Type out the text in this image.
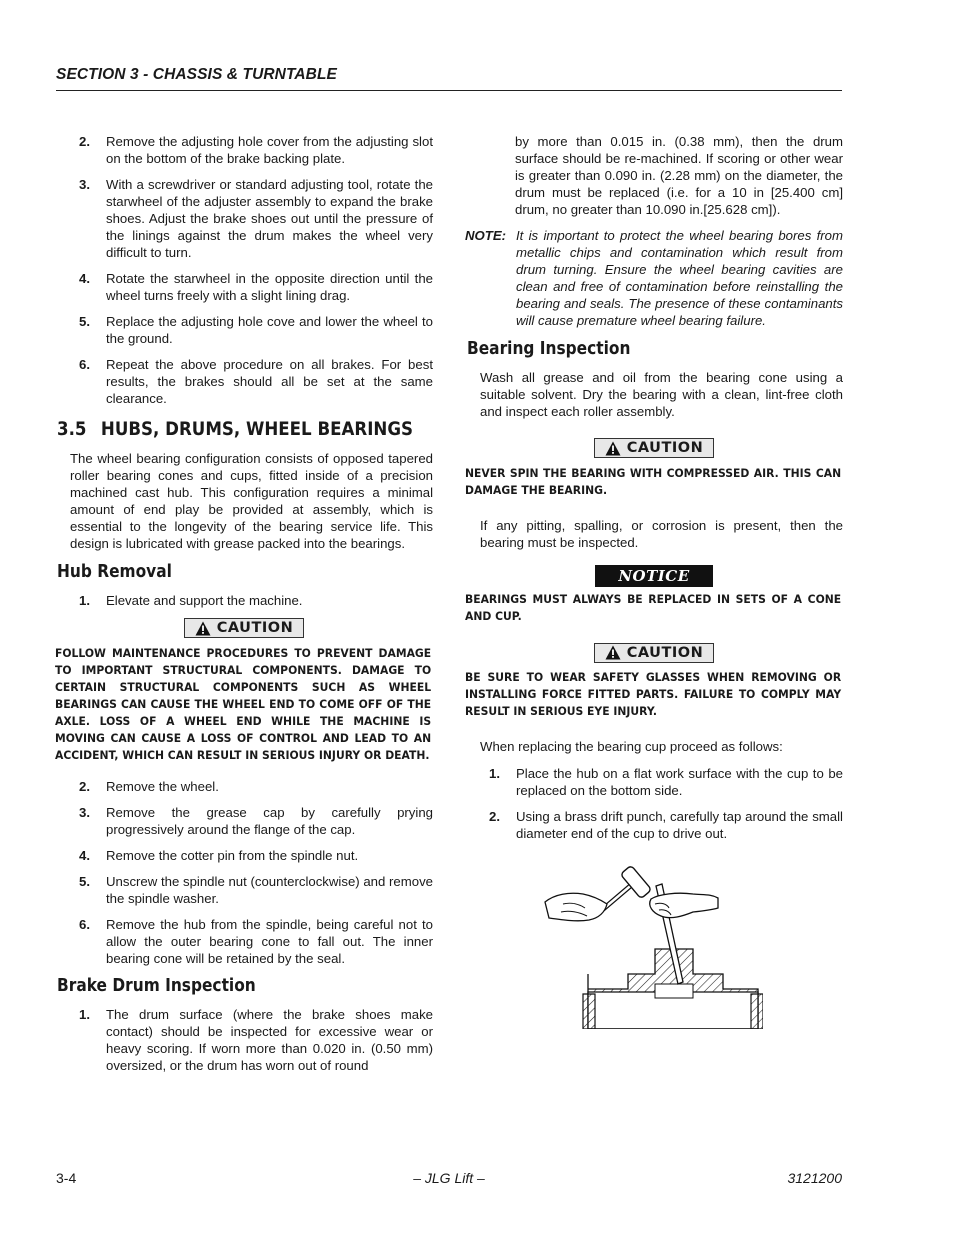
SECTION 3 - CHASSIS & TURNTABLE
2. Remove the adjusting hole cover from the adjusting slot on the bottom of the brake backing plate.
3. With a screwdriver or standard adjusting tool, rotate the starwheel of the adjuster assembly to expand the brake shoes. Adjust the brake shoes out until the pressure of the linings against the drum makes the wheel very difficult to turn.
4. Rotate the starwheel in the opposite direction until the wheel turns freely with a slight lining drag.
5. Replace the adjusting hole cove and lower the wheel to the ground.
6. Repeat the above procedure on all brakes. For best results, the brakes should all be set at the same clearance.
3.5 HUBS, DRUMS, WHEEL BEARINGS
The wheel bearing configuration consists of opposed tapered roller bearing cones and cups, fitted inside of a precision machined cast hub. This configuration requires a minimal amount of end play be provided at assembly, which is essential to the longevity of the bearing service life. This design is lubricated with grease packed into the bearings.
Hub Removal
1. Elevate and support the machine.
CAUTION
FOLLOW MAINTENANCE PROCEDURES TO PREVENT DAMAGE TO IMPORTANT STRUCTURAL COMPONENTS. DAMAGE TO CERTAIN STRUCTURAL COMPONENTS SUCH AS WHEEL BEARINGS CAN CAUSE THE WHEEL END TO COME OFF OF THE AXLE. LOSS OF A WHEEL END WHILE THE MACHINE IS MOVING CAN CAUSE A LOSS OF CONTROL AND LEAD TO AN ACCIDENT, WHICH CAN RESULT IN SERIOUS INJURY OR DEATH.
2. Remove the wheel.
3. Remove the grease cap by carefully prying progressively around the flange of the cap.
4. Remove the cotter pin from the spindle nut.
5. Unscrew the spindle nut (counterclockwise) and remove the spindle washer.
6. Remove the hub from the spindle, being careful not to allow the outer bearing cone to fall out. The inner bearing cone will be retained by the seal.
Brake Drum Inspection
1. The drum surface (where the brake shoes make contact) should be inspected for excessive wear or heavy scoring. If worn more than 0.020 in. (0.50 mm) oversized, or the drum has worn out of round
by more than 0.015 in. (0.38 mm), then the drum surface should be re-machined. If scoring or other wear is greater than 0.090 in. (2.28 mm) on the diameter, the drum must be replaced (i.e. for a 10 in [25.400 cm] drum, no greater than 10.090 in.[25.628 cm]).
NOTE: It is important to protect the wheel bearing bores from metallic chips and contamination which result from drum turning. Ensure the wheel bearing cavities are clean and free of contamination before reinstalling the bearing and seals. The presence of these contaminants will cause premature wheel bearing failure.
Bearing Inspection
Wash all grease and oil from the bearing cone using a suitable solvent. Dry the bearing with a clean, lint-free cloth and inspect each roller assembly.
CAUTION
NEVER SPIN THE BEARING WITH COMPRESSED AIR. THIS CAN DAMAGE THE BEARING.
If any pitting, spalling, or corrosion is present, then the bearing must be inspected.
NOTICE
BEARINGS MUST ALWAYS BE REPLACED IN SETS OF A CONE AND CUP.
CAUTION
BE SURE TO WEAR SAFETY GLASSES WHEN REMOVING OR INSTALLING FORCE FITTED PARTS. FAILURE TO COMPLY MAY RESULT IN SERIOUS EYE INJURY.
When replacing the bearing cup proceed as follows:
1. Place the hub on a flat work surface with the cup to be replaced on the bottom side.
2. Using a brass drift punch, carefully tap around the small diameter end of the cup to drive out.
3-4	– JLG Lift –	3121200
